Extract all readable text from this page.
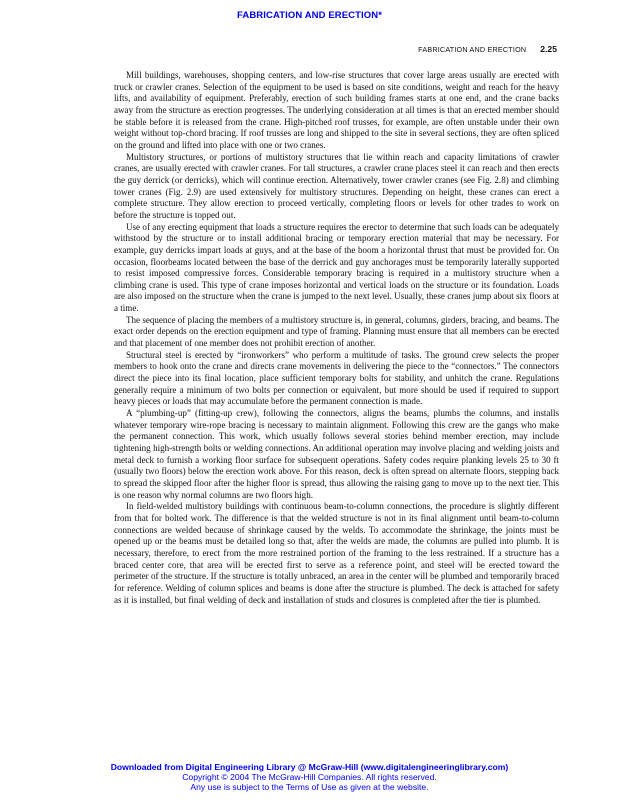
FABRICATION AND ERECTION*
FABRICATION AND ERECTION 2.25

Mill buildings, warehouses, shopping centers, and low-rise structures that cover large areas usually are erected with truck or crawler cranes. Selection of the equipment to be used is based on site conditions, weight and reach for the heavy lifts, and availability of equipment. Preferably, erection of such building frames starts at one end, and the crane backs away from the structure as erection progresses. The underlying consideration at all times is that an erected member should be stable before it is released from the crane. High-pitched roof trusses, for example, are often unstable under their own weight without top-chord bracing. If roof trusses are long and shipped to the site in several sections, they are often spliced on the ground and lifted into place with one or two cranes.

Multistory structures, or portions of multistory structures that lie within reach and capacity limitations of crawler cranes, are usually erected with crawler cranes. For tall structures, a crawler crane places steel it can reach and then erects the guy derrick (or derricks), which will continue erection. Alternatively, tower crawler cranes (see Fig. 2.8) and climbing tower cranes (Fig. 2.9) are used extensively for multistory structures. Depending on height, these cranes can erect a complete structure. They allow erection to proceed vertically, completing floors or levels for other trades to work on before the structure is topped out.

Use of any erecting equipment that loads a structure requires the erector to determine that such loads can be adequately withstood by the structure or to install additional bracing or temporary erection material that may be necessary. For example, guy derricks impart loads at guys, and at the base of the boom a horizontal thrust that must be provided for. On occasion, floorbeams located between the base of the derrick and guy anchorages must be temporarily laterally supported to resist imposed compressive forces. Considerable temporary bracing is required in a multistory structure when a climbing crane is used. This type of crane imposes horizontal and vertical loads on the structure or its foundation. Loads are also imposed on the structure when the crane is jumped to the next level. Usually, these cranes jump about six floors at a time.

The sequence of placing the members of a multistory structure is, in general, columns, girders, bracing, and beams. The exact order depends on the erection equipment and type of framing. Planning must ensure that all members can be erected and that placement of one member does not prohibit erection of another.

Structural steel is erected by “ironworkers” who perform a multitude of tasks. The ground crew selects the proper members to hook onto the crane and directs crane movements in delivering the piece to the “connectors.” The connectors direct the piece into its final location, place sufficient temporary bolts for stability, and unhitch the crane. Regulations generally require a minimum of two bolts per connection or equivalent, but more should be used if required to support heavy pieces or loads that may accumulate before the permanent connection is made.

A “plumbing-up” (fitting-up crew), following the connectors, aligns the beams, plumbs the columns, and installs whatever temporary wire-rope bracing is necessary to maintain alignment. Following this crew are the gangs who make the permanent connection. This work, which usually follows several stories behind member erection, may include tightening high-strength bolts or welding connections. An additional operation may involve placing and welding joists and metal deck to furnish a working floor surface for subsequent operations. Safety codes require planking levels 25 to 30 ft (usually two floors) below the erection work above. For this reason, deck is often spread on alternate floors, stepping back to spread the skipped floor after the higher floor is spread, thus allowing the raising gang to move up to the next tier. This is one reason why normal columns are two floors high.

In field-welded multistory buildings with continuous beam-to-column connections, the procedure is slightly different from that for bolted work. The difference is that the welded structure is not in its final alignment until beam-to-column connections are welded because of shrinkage caused by the welds. To accommodate the shrinkage, the joints must be opened up or the beams must be detailed long so that, after the welds are made, the columns are pulled into plumb. It is necessary, therefore, to erect from the more restrained portion of the framing to the less restrained. If a structure has a braced center core, that area will be erected first to serve as a reference point, and steel will be erected toward the perimeter of the structure. If the structure is totally unbraced, an area in the center will be plumbed and temporarily braced for reference. Welding of column splices and beams is done after the structure is plumbed. The deck is attached for safety as it is installed, but final welding of deck and installation of studs and closures is completed after the tier is plumbed.

Downloaded from Digital Engineering Library @ McGraw-Hill (www.digitalengineeringlibrary.com)
Copyright © 2004 The McGraw-Hill Companies. All rights reserved.
Any use is subject to the Terms of Use as given at the website.
